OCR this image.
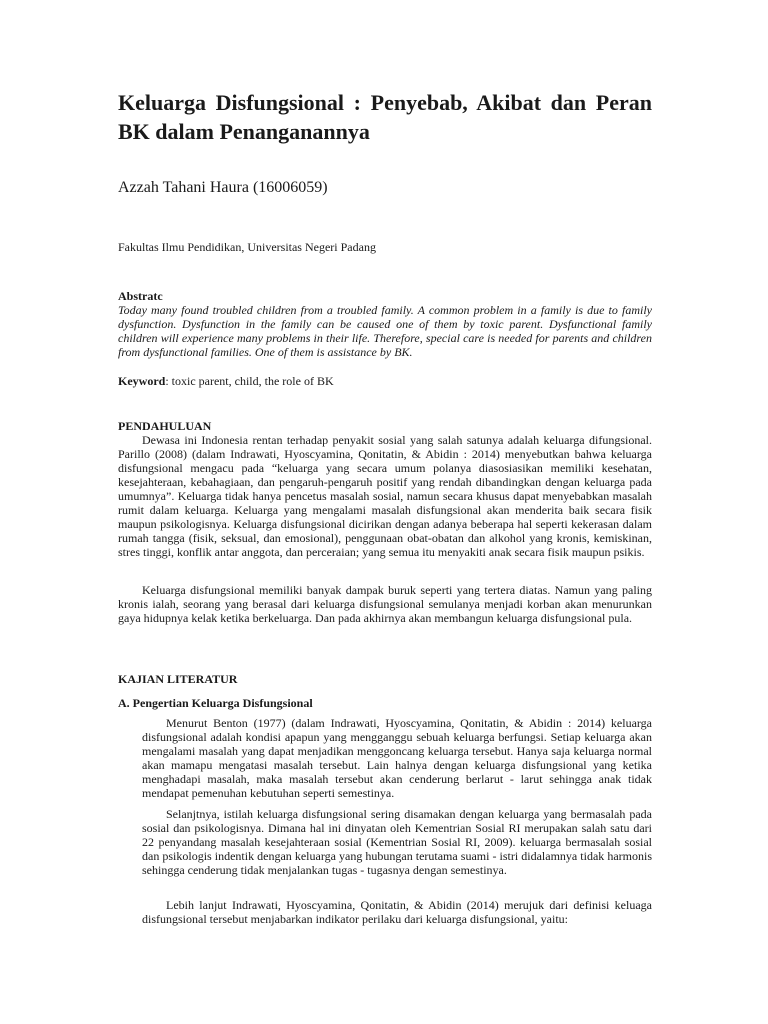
Keluarga Disfungsional : Penyebab, Akibat dan Peran BK dalam Penanganannya

Azzah Tahani Haura (16006059)

Fakultas Ilmu Pendidikan, Universitas Negeri Padang

Abstratc

Today many found troubled children from a troubled family. A common problem in a family is due to family dysfunction. Dysfunction in the family can be caused one of them by toxic parent. Dysfunctional family children will experience many problems in their life. Therefore, special care is needed for parents and children from dysfunctional families. One of them is assistance by BK.

Keyword: toxic parent, child, the role of BK

PENDAHULUAN

Dewasa ini Indonesia rentan terhadap penyakit sosial yang salah satunya adalah keluarga difungsional. Parillo (2008) (dalam Indrawati, Hyoscyamina, Qonitatin, & Abidin : 2014) menyebutkan bahwa keluarga disfungsional mengacu pada “keluarga yang secara umum polanya diasosiasikan memiliki kesehatan, kesejahteraan, kebahagiaan, dan pengaruh-pengaruh positif yang rendah dibandingkan dengan keluarga pada umumnya”. Keluarga tidak hanya pencetus masalah sosial, namun secara khusus dapat menyebabkan masalah rumit dalam keluarga. Keluarga yang mengalami masalah disfungsional akan menderita baik secara fisik maupun psikologisnya. Keluarga disfungsional dicirikan dengan adanya beberapa hal seperti kekerasan dalam rumah tangga (fisik, seksual, dan emosional), penggunaan obat-obatan dan alkohol yang kronis, kemiskinan, stres tinggi, konflik antar anggota, dan perceraian; yang semua itu menyakiti anak secara fisik maupun psikis.

Keluarga disfungsional memiliki banyak dampak buruk seperti yang tertera diatas. Namun yang paling kronis ialah, seorang yang berasal dari keluarga disfungsional semulanya menjadi korban akan menurunkan gaya hidupnya kelak ketika berkeluarga. Dan pada akhirnya akan membangun keluarga disfungsional pula.

KAJIAN LITERATUR

A. Pengertian Keluarga Disfungsional

Menurut Benton (1977) (dalam Indrawati, Hyoscyamina, Qonitatin, & Abidin : 2014) keluarga disfungsional adalah kondisi apapun yang mengganggu sebuah keluarga berfungsi. Setiap keluarga akan mengalami masalah yang dapat menjadikan menggoncang keluarga tersebut. Hanya saja keluarga normal akan mamapu mengatasi masalah tersebut. Lain halnya dengan keluarga disfungsional yang ketika menghadapi masalah, maka masalah tersebut akan cenderung berlarut - larut sehingga anak tidak mendapat pemenuhan kebutuhan seperti semestinya.

Selanjtnya, istilah keluarga disfungsional sering disamakan dengan keluarga yang bermasalah pada sosial dan psikologisnya. Dimana hal ini dinyatan oleh Kementrian Sosial RI merupakan salah satu dari 22 penyandang masalah kesejahteraan sosial (Kementrian Sosial RI, 2009). keluarga bermasalah sosial dan psikologis indentik dengan keluarga yang hubungan terutama suami - istri didalamnya tidak harmonis sehingga cenderung tidak menjalankan tugas - tugasnya dengan semestinya.

Lebih lanjut Indrawati, Hyoscyamina, Qonitatin, & Abidin (2014) merujuk dari definisi keluaga disfungsional tersebut menjabarkan indikator perilaku dari keluarga disfungsional, yaitu:
